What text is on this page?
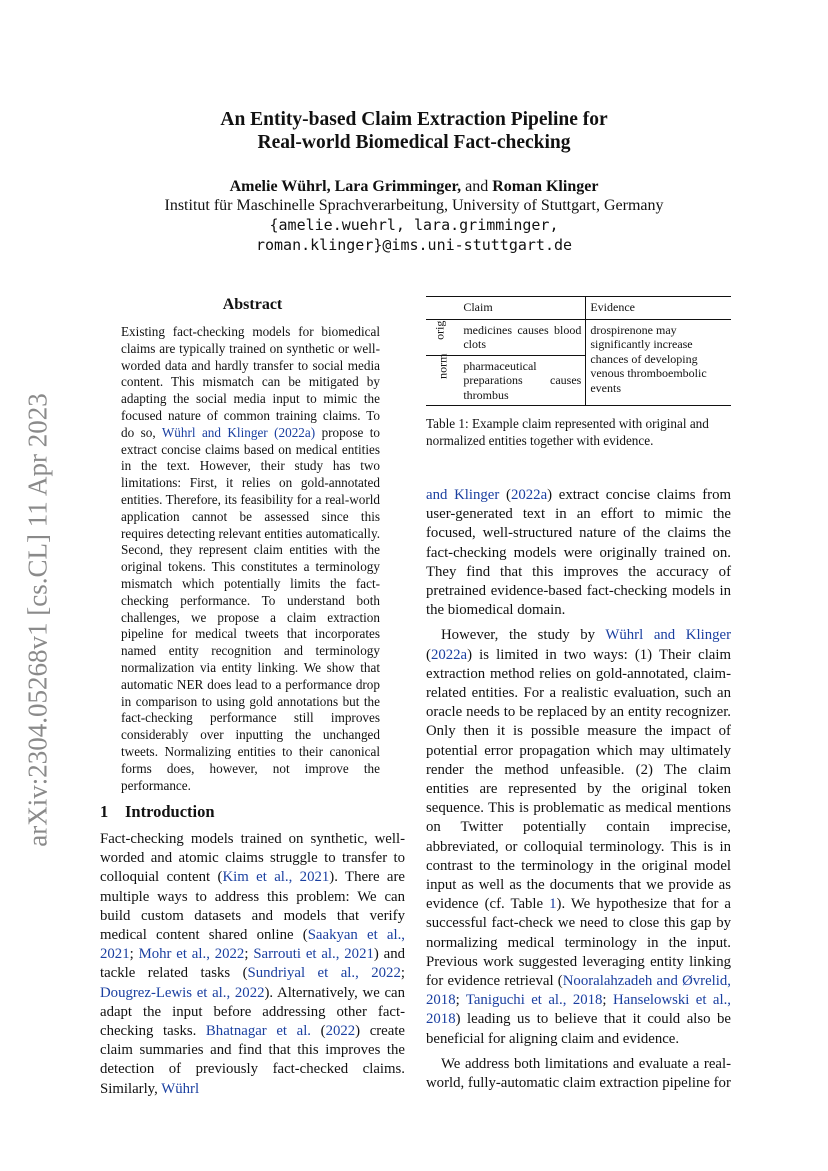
arXiv:2304.05268v1 [cs.CL] 11 Apr 2023
An Entity-based Claim Extraction Pipeline for
Real-world Biomedical Fact-checking
Amelie Wührl, Lara Grimminger, and Roman Klinger
Institut für Maschinelle Sprachverarbeitung, University of Stuttgart, Germany
{amelie.wuehrl, lara.grimminger,
roman.klinger}@ims.uni-stuttgart.de
Abstract
Existing fact-checking models for biomedical claims are typically trained on synthetic or well-worded data and hardly transfer to social media content. This mismatch can be mitigated by adapting the social media input to mimic the focused nature of common training claims. To do so, Wührl and Klinger (2022a) propose to extract concise claims based on medical entities in the text. However, their study has two limitations: First, it relies on gold-annotated entities. Therefore, its feasibility for a real-world application cannot be assessed since this requires detecting relevant entities automatically. Second, they represent claim entities with the original tokens. This constitutes a terminology mismatch which potentially limits the fact-checking performance. To understand both challenges, we propose a claim extraction pipeline for medical tweets that incorporates named entity recognition and terminology normalization via entity linking. We show that automatic NER does lead to a performance drop in comparison to using gold annotations but the fact-checking performance still improves considerably over inputting the unchanged tweets. Normalizing entities to their canonical forms does, however, not improve the performance.
1 Introduction
Fact-checking models trained on synthetic, well-worded and atomic claims struggle to transfer to colloquial content (Kim et al., 2021). There are multiple ways to address this problem: We can build custom datasets and models that verify medical content shared online (Saakyan et al., 2021; Mohr et al., 2022; Sarrouti et al., 2021) and tackle related tasks (Sundriyal et al., 2022; Dougrez-Lewis et al., 2022). Alternatively, we can adapt the input before addressing other fact-checking tasks. Bhatnagar et al. (2022) create claim summaries and find that this improves the detection of previously fact-checked claims. Similarly, Wührl
	Claim	Evidence
orig	medicines causes blood clots	drospirenone may significantly increase chances of developing venous thromboembolic events
norm	pharmaceutical preparations causes thrombus	
Table 1: Example claim represented with original and normalized entities together with evidence.

and Klinger (2022a) extract concise claims from user-generated text in an effort to mimic the focused, well-structured nature of the claims the fact-checking models were originally trained on. They find that this improves the accuracy of pretrained evidence-based fact-checking models in the biomedical domain.

However, the study by Wührl and Klinger (2022a) is limited in two ways: (1) Their claim extraction method relies on gold-annotated, claim-related entities. For a realistic evaluation, such an oracle needs to be replaced by an entity recognizer. Only then it is possible measure the impact of potential error propagation which may ultimately render the method unfeasible. (2) The claim entities are represented by the original token sequence. This is problematic as medical mentions on Twitter potentially contain imprecise, abbreviated, or colloquial terminology. This is in contrast to the terminology in the original model input as well as the documents that we provide as evidence (cf. Table 1). We hypothesize that for a successful fact-check we need to close this gap by normalizing medical terminology in the input. Previous work suggested leveraging entity linking for evidence retrieval (Nooralahzadeh and Øvrelid, 2018; Taniguchi et al., 2018; Hanselowski et al., 2018) leading us to believe that it could also be beneficial for aligning claim and evidence.

We address both limitations and evaluate a real-world, fully-automatic claim extraction pipeline for
